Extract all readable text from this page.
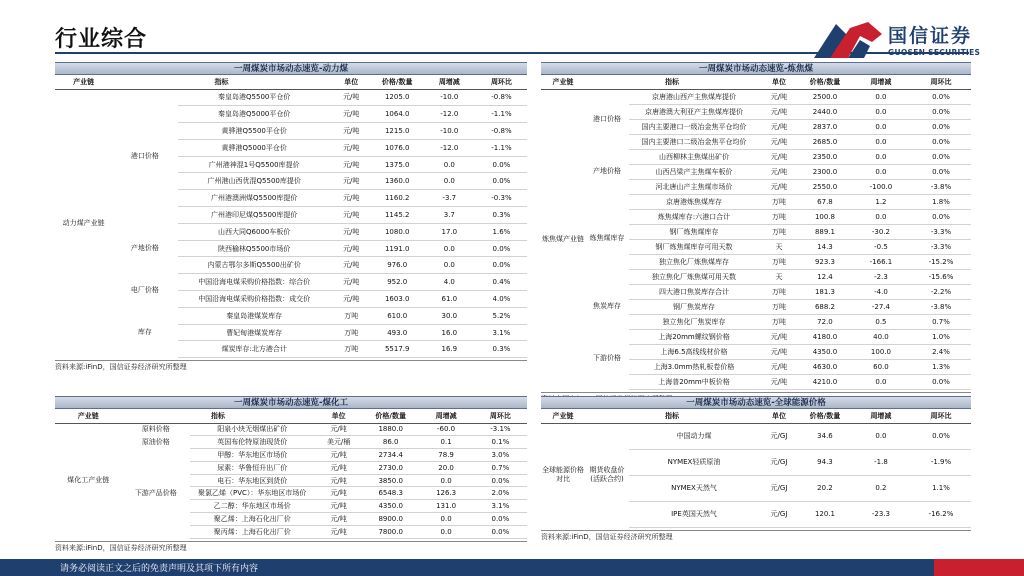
行业综合	国信证券
GUOSEN SECURITIES
一周煤炭市场动态速览-动力煤
产业链	指标		单位	价格/数量	周增减	周环比
动力煤产业链	港口价格	秦皇岛港Q5500平仓价	元/吨	1205.0	-10.0	-0.8%
		秦皇岛港Q5000平仓价	元/吨	1064.0	-12.0	-1.1%
		黄骅港Q5500平仓价	元/吨	1215.0	-10.0	-0.8%
		黄骅港Q5000平仓价	元/吨	1076.0	-12.0	-1.1%
		广州港神混1号Q5500库提价	元/吨	1375.0	0.0	0.0%
		广州港山西优混Q5500库提价	元/吨	1360.0	0.0	0.0%
		广州港澳洲煤Q5500库提价	元/吨	1160.2	-3.7	-0.3%
		广州港印尼煤Q5500库提价	元/吨	1145.2	3.7	0.3%
	产地价格	山西大同Q6000车板价	元/吨	1080.0	17.0	1.6%
		陕西榆林Q5500市场价	元/吨	1191.0	0.0	0.0%
		内蒙古鄂尔多斯Q5500出矿价	元/吨	976.0	0.0	0.0%
	电厂价格	中国沿海电煤采购价格指数：综合价	元/吨	952.0	4.0	0.4%
		中国沿海电煤采购价格指数：成交价	元/吨	1603.0	61.0	4.0%
	库存	秦皇岛港煤炭库存	万吨	610.0	30.0	5.2%
		曹妃甸港煤炭库存	万吨	493.0	16.0	3.1%
		煤炭库存:北方港合计	万吨	5517.9	16.9	0.3%
资料来源:iFinD，国信证券经济研究所整理
一周煤炭市场动态速览-炼焦煤
产业链	指标		单位	价格/数量	周增减	周环比
炼焦煤产业链	港口价格	京唐港山西产主焦煤库提价	元/吨	2500.0	0.0	0.0%
		京唐港澳大利亚产主焦煤库提价	元/吨	2440.0	0.0	0.0%
		国内主要港口一级冶金焦平仓均价	元/吨	2837.0	0.0	0.0%
		国内主要港口二级冶金焦平仓均价	元/吨	2685.0	0.0	0.0%
	产地价格	山西柳林主焦煤出矿价	元/吨	2350.0	0.0	0.0%
		山西吕梁产主焦煤车板价	元/吨	2300.0	0.0	0.0%
		河北唐山产主焦煤市场价	元/吨	2550.0	-100.0	-3.8%
	炼焦煤库存	京唐港炼焦煤库存	万吨	67.8	1.2	1.8%
		炼焦煤库存:六港口合计	万吨	100.8	0.0	0.0%
		钢厂炼焦煤库存	万吨	889.1	-30.2	-3.3%
		钢厂炼焦煤库存可用天数	天	14.3	-0.5	-3.3%
		独立焦化厂炼焦煤库存	万吨	923.3	-166.1	-15.2%
		独立焦化厂炼焦煤可用天数	天	12.4	-2.3	-15.6%
	焦炭库存	四大港口焦炭库存合计	万吨	181.3	-4.0	-2.2%
		钢厂焦炭库存	万吨	688.2	-27.4	-3.8%
		独立焦化厂焦炭库存	万吨	72.0	0.5	0.7%
	下游价格	上海20mm螺纹钢价格	元/吨	4180.0	40.0	1.0%
		上海6.5高线线材价格	元/吨	4350.0	100.0	2.4%
		上海3.0mm热轧板卷价格	元/吨	4630.0	60.0	1.3%
		上海普20mm中板价格	元/吨	4210.0	0.0	0.0%
一周煤炭市场动态速览-煤化工
产业链	指标		单位	价格/数量	周增减	周环比
煤化工产业链	原料价格	阳泉小块无烟煤出矿价	元/吨	1880.0	-60.0	-3.1%
	原油价格	英国布伦特原油现货价	美元/桶	86.0	0.1	0.1%
	下游产品价格	甲醇：华东地区市场价	元/吨	2734.4	78.9	3.0%
		尿素：华鲁恒升出厂价	元/吨	2730.0	20.0	0.7%
		电石：华东地区到货价	元/吨	3850.0	0.0	0.0%
		聚氯乙烯（PVC）：华东地区市场价	元/吨	6548.3	126.3	2.0%
		乙二醇：华东地区市场价	元/吨	4350.0	131.0	3.1%
		聚乙烯：上海石化出厂价	元/吨	8900.0	0.0	0.0%
		聚丙烯：上海石化出厂价	元/吨	7800.0	0.0	0.0%
资料来源:iFinD，国信证券经济研究所整理
一周煤炭市场动态速览-全球能源价格
产业链	指标		单位	价格/数量	周增减	周环比
全球能源价格对比	期货收盘价(活跃合约)	中国动力煤	元/GJ	34.6	0.0	0.0%
		NYMEX轻质原油	元/GJ	94.3	-1.8	-1.9%
		NYMEX天然气	元/GJ	20.2	0.2	1.1%
		IPE英国天然气	元/GJ	120.1	-23.3	-16.2%
资料来源:iFinD，国信证券经济研究所整理
请务必阅读正文之后的免责声明及其项下所有内容
